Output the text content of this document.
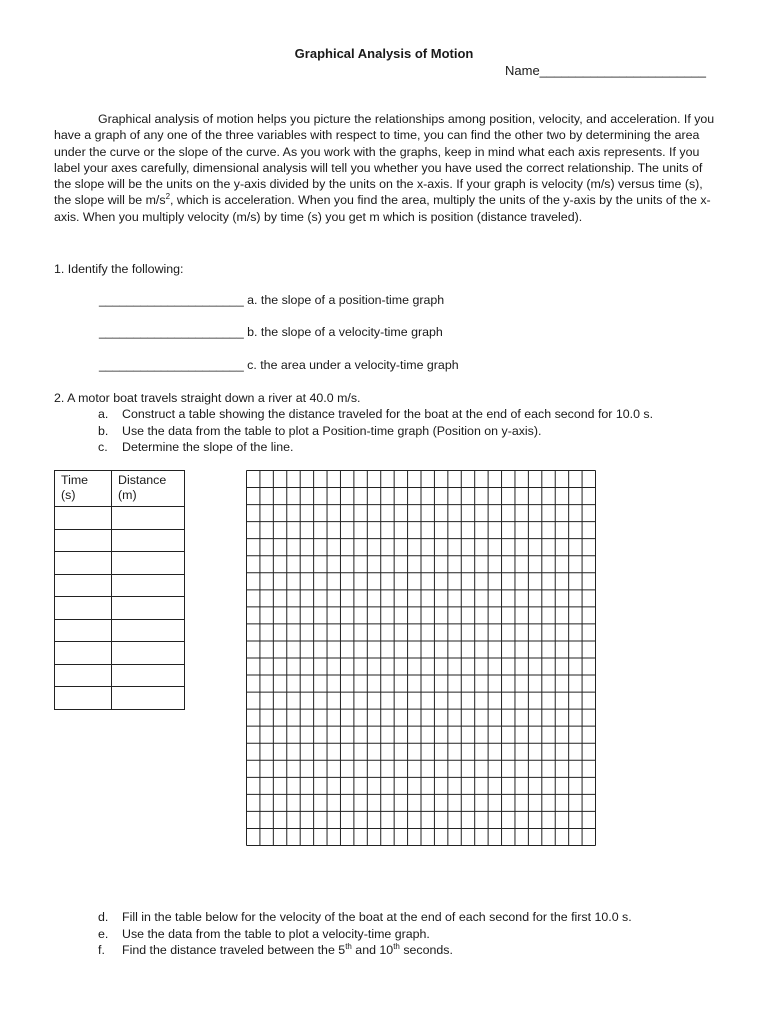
Graphical Analysis of Motion
Name_______________________

Graphical analysis of motion helps you picture the relationships among position, velocity, and acceleration. If you have a graph of any one of the three variables with respect to time, you can find the other two by determining the area under the curve or the slope of the curve. As you work with the graphs, keep in mind what each axis represents. If you label your axes carefully, dimensional analysis will tell you whether you have used the correct relationship. The units of the slope will be the units on the y-axis divided by the units on the x-axis. If your graph is velocity (m/s) versus time (s), the slope will be $m/s^2$, which is acceleration. When you find the area, multiply the units of the y-axis by the units of the x-axis. When you multiply velocity (m/s) by time (s) you get m which is position (distance traveled).

1. Identify the following:
_____________________ a. the slope of a position-time graph
_____________________ b. the slope of a velocity-time graph
_____________________ c. the area under a velocity-time graph
2. A motor boat travels straight down a river at 40.0 m/s.
a. Construct a table showing the distance traveled for the boat at the end of each second for 10.0 s.
b. Use the data from the table to plot a Position-time graph (Position on y-axis).
c. Determine the slope of the line.
Time
(s)	Distance
(m)

d. Fill in the table below for the velocity of the boat at the end of each second for the first 10.0 s.
e. Use the data from the table to plot a velocity-time graph.
f. Find the distance traveled between the 5th and 10th seconds.
